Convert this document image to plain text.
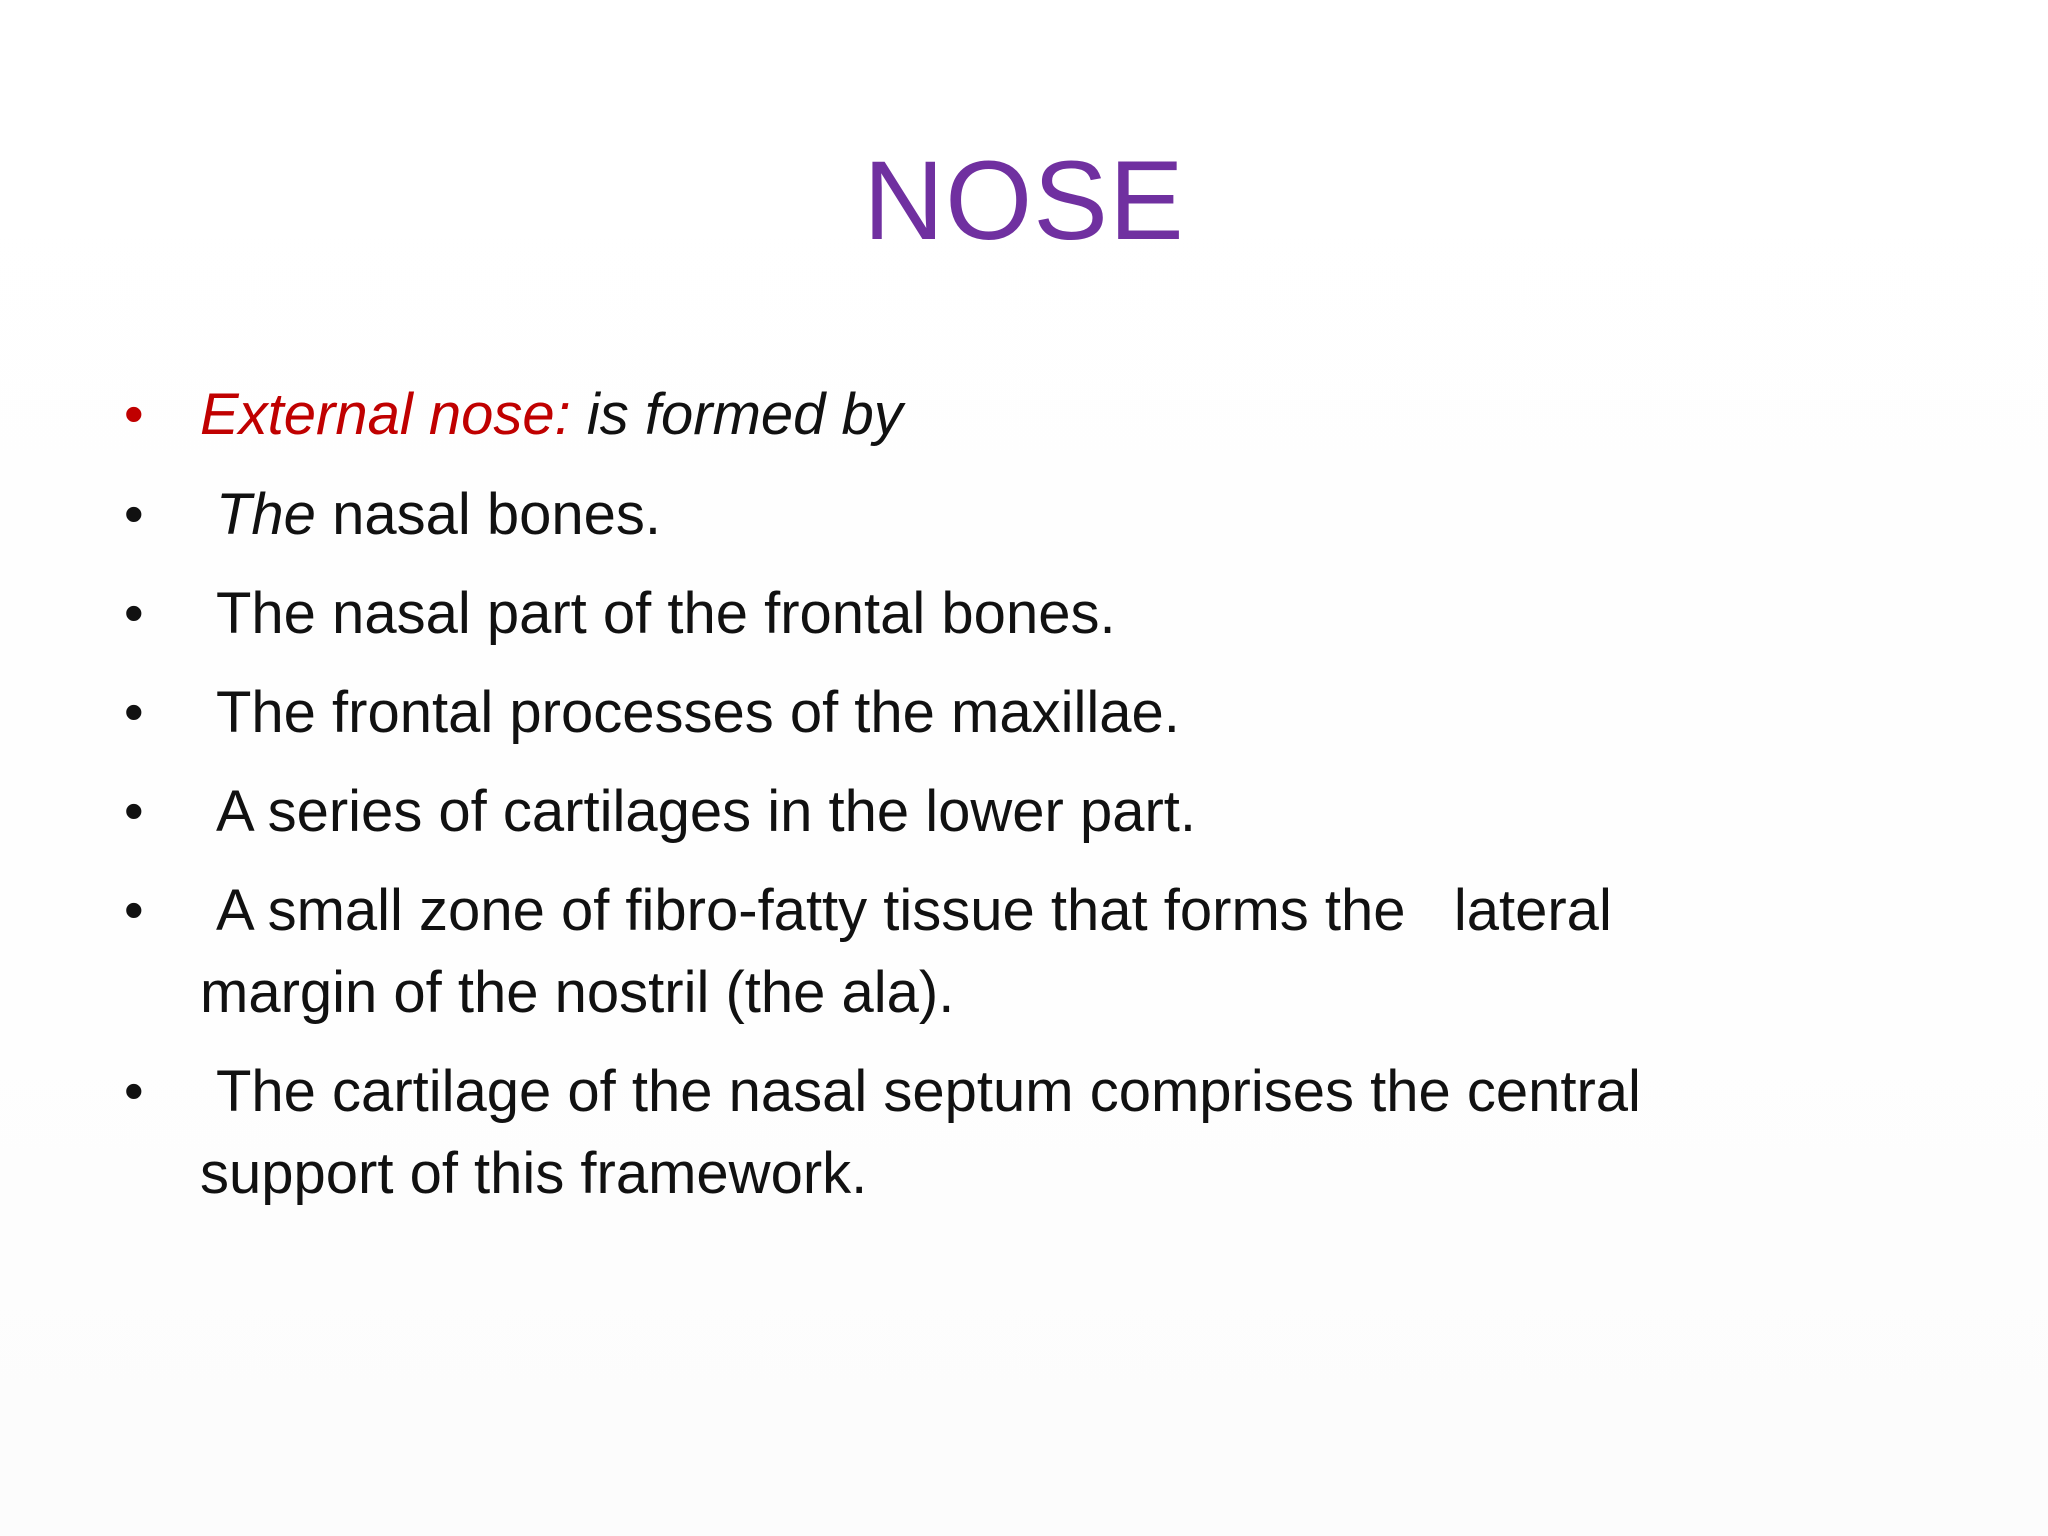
NOSE
• External nose: is formed by
• The nasal bones.
• The nasal part of the frontal bones.
• The frontal processes of the maxillae.
• A series of cartilages in the lower part.
• A small zone of fibro-fatty tissue that forms the   lateral
margin of the nostril (the ala).
• The cartilage of the nasal septum comprises the central
support of this framework.
